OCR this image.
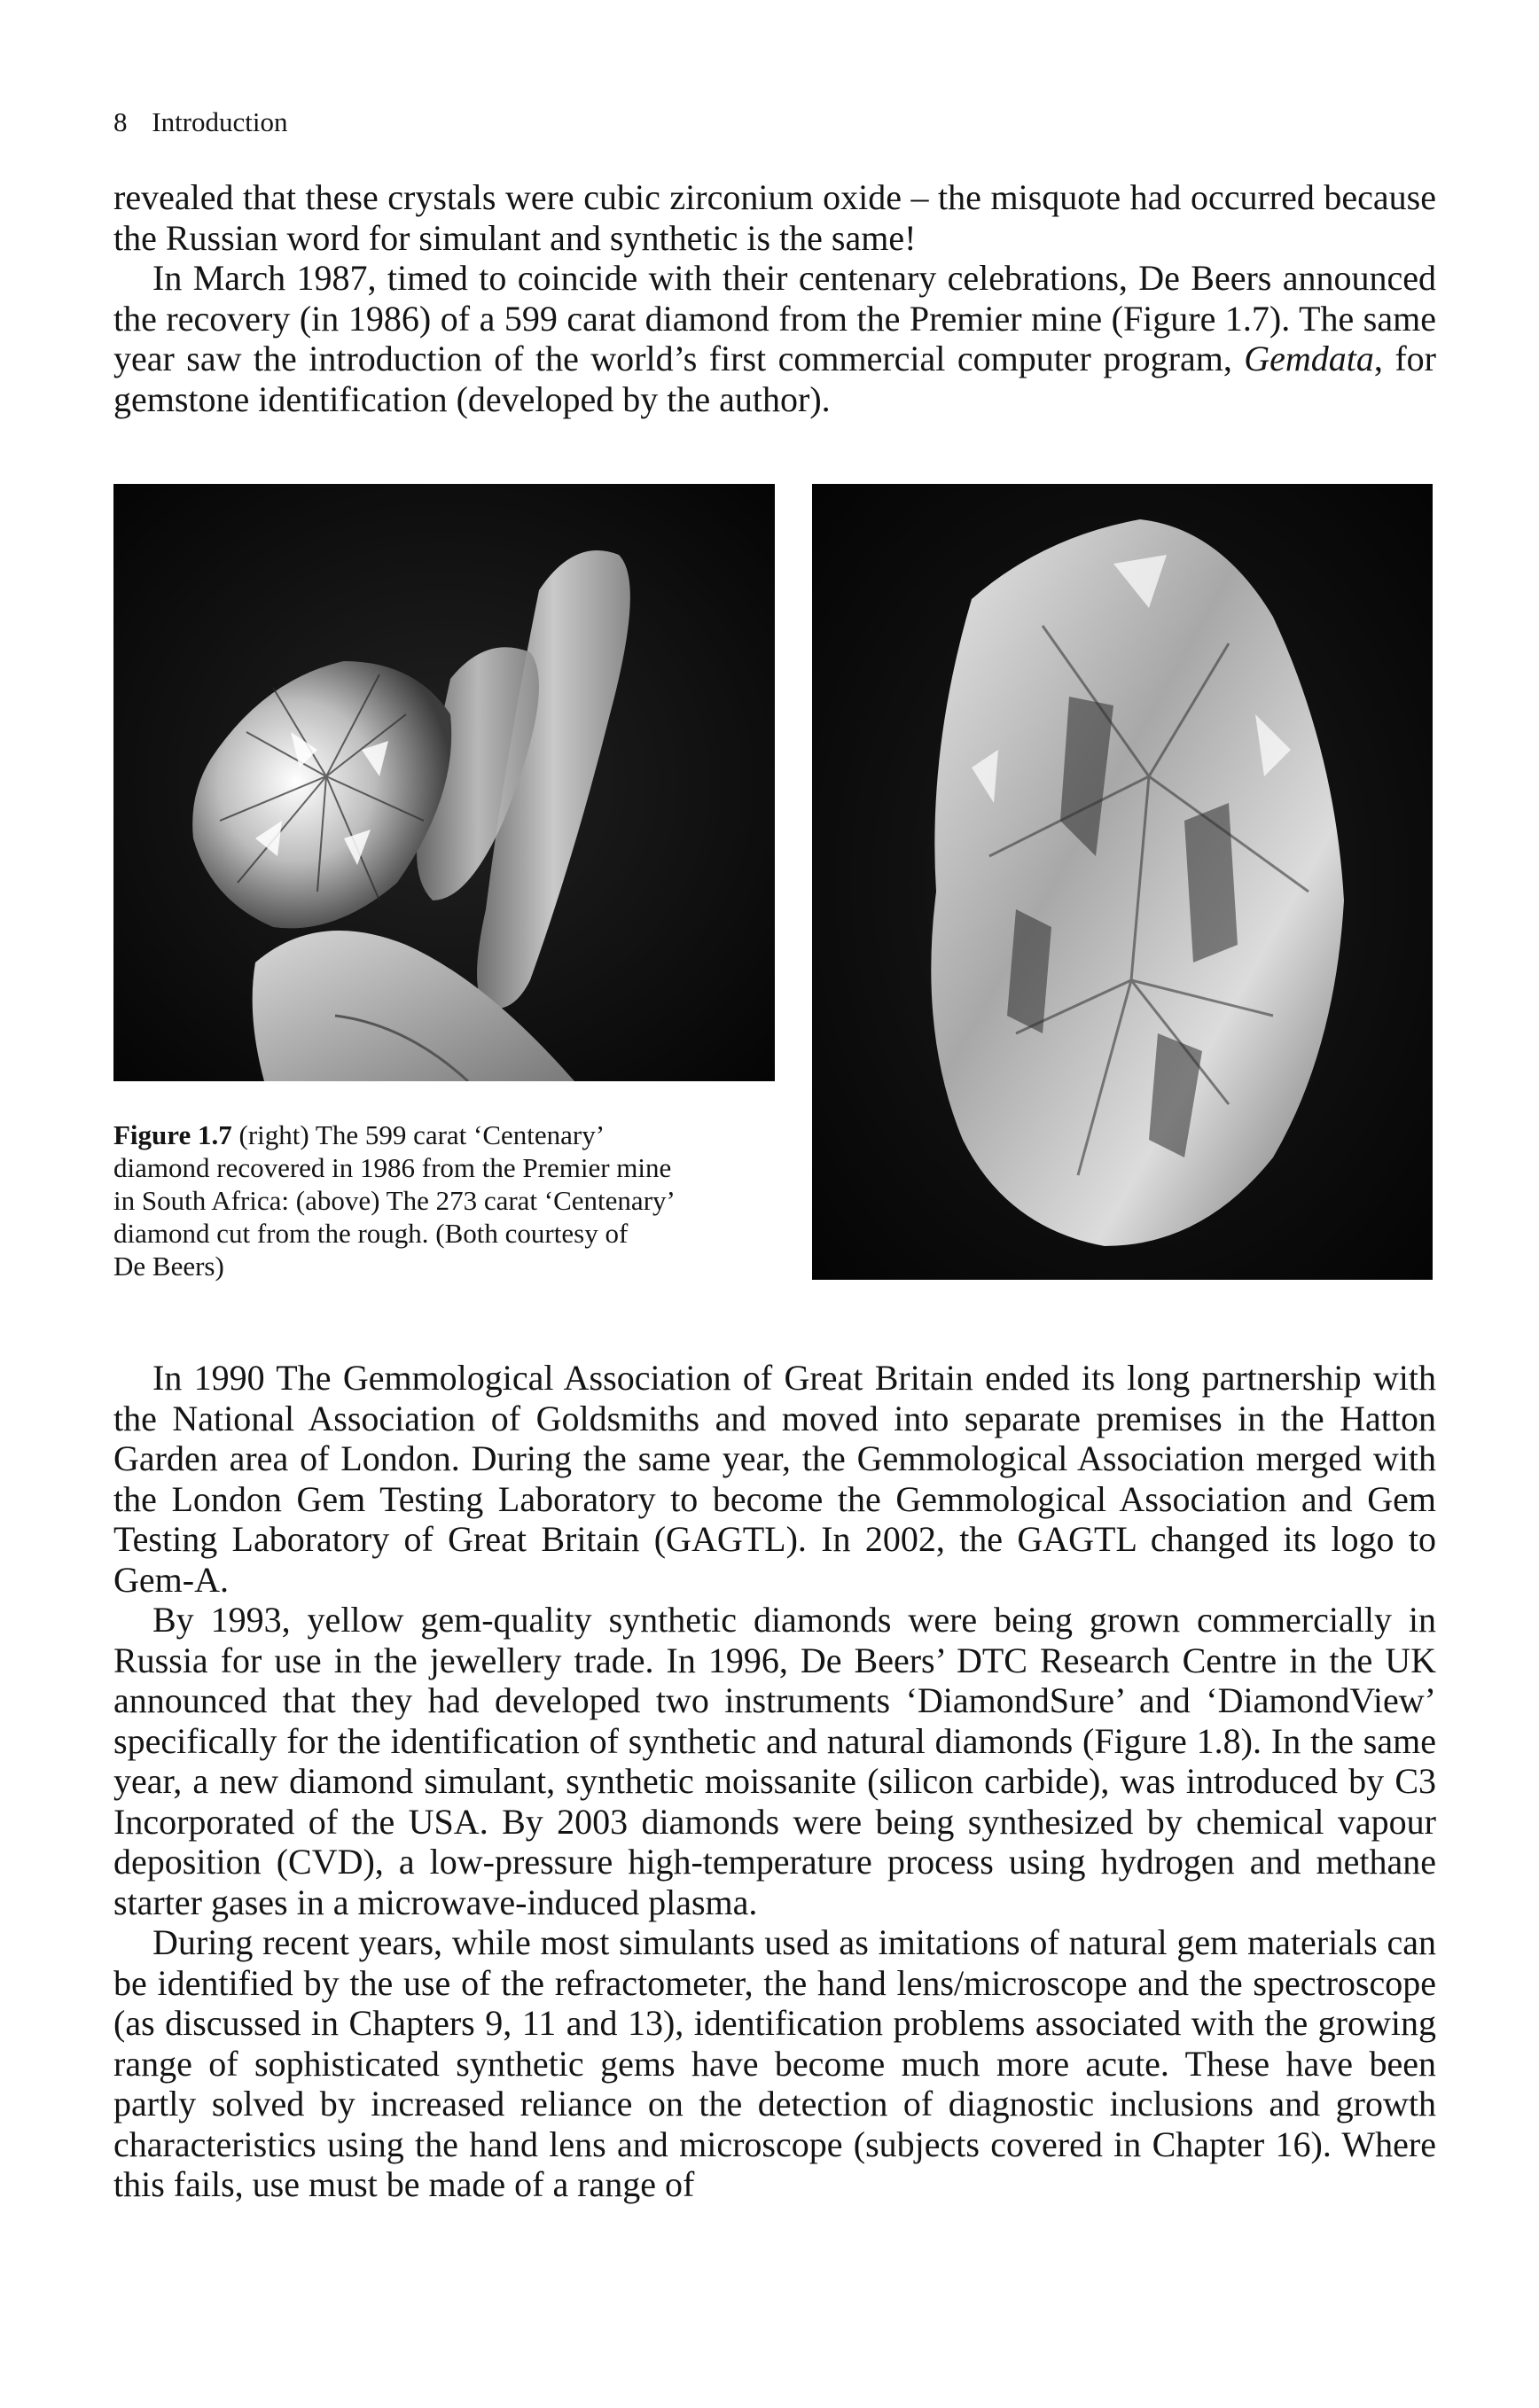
8 Introduction

revealed that these crystals were cubic zirconium oxide – the misquote had occurred because the Russian word for simulant and synthetic is the same!

In March 1987, timed to coincide with their centenary celebrations, De Beers announced the recovery (in 1986) of a 599 carat diamond from the Premier mine (Figure 1.7). The same year saw the introduction of the world’s first commercial computer program, Gemdata, for gemstone identification (developed by the author).

Figure 1.7 (right) The 599 carat ‘Centenary’
diamond recovered in 1986 from the Premier mine
in South Africa: (above) The 273 carat ‘Centenary’
diamond cut from the rough. (Both courtesy of
De Beers)

In 1990 The Gemmological Association of Great Britain ended its long partnership with the National Association of Goldsmiths and moved into separate premises in the Hatton Garden area of London. During the same year, the Gemmological Association merged with the London Gem Testing Laboratory to become the Gemmological Association and Gem Testing Laboratory of Great Britain (GAGTL). In 2002, the GAGTL changed its logo to Gem-A.

By 1993, yellow gem-quality synthetic diamonds were being grown commercially in Russia for use in the jewellery trade. In 1996, De Beers’ DTC Research Centre in the UK announced that they had developed two instruments ‘DiamondSure’ and ‘DiamondView’ specifically for the identification of synthetic and natural diamonds (Figure 1.8). In the same year, a new diamond simulant, synthetic moissanite (silicon carbide), was introduced by C3 Incorporated of the USA. By 2003 diamonds were being synthesized by chemical vapour deposition (CVD), a low-pressure high-temperature process using hydrogen and methane starter gases in a microwave-induced plasma.

During recent years, while most simulants used as imitations of natural gem materials can be identified by the use of the refractometer, the hand lens/microscope and the spectroscope (as discussed in Chapters 9, 11 and 13), identification problems associated with the growing range of sophisticated synthetic gems have become much more acute. These have been partly solved by increased reliance on the detection of diagnostic inclusions and growth characteristics using the hand lens and microscope (subjects covered in Chapter 16). Where this fails, use must be made of a range of
